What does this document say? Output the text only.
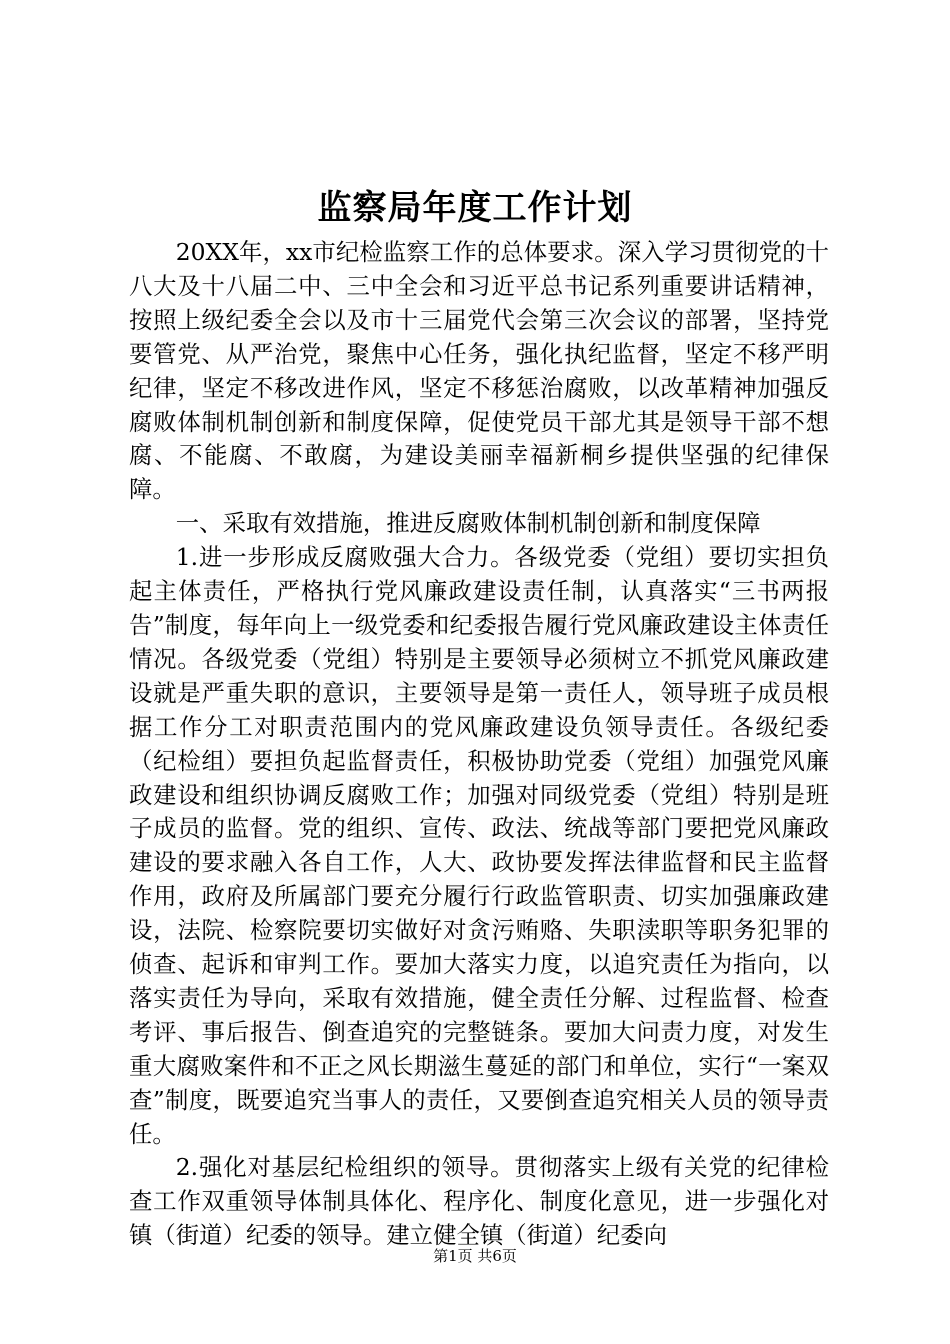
监察局年度工作计划

20XX年，xx市纪检监察工作的总体要求。深入学习贯彻党的十八大及十八届二中、三中全会和习近平总书记系列重要讲话精神，按照上级纪委全会以及市十三届党代会第三次会议的部署，坚持党要管党、从严治党，聚焦中心任务，强化执纪监督，坚定不移严明纪律，坚定不移改进作风，坚定不移惩治腐败，以改革精神加强反腐败体制机制创新和制度保障，促使党员干部尤其是领导干部不想腐、不能腐、不敢腐，为建设美丽幸福新桐乡提供坚强的纪律保障。

一、采取有效措施，推进反腐败体制机制创新和制度保障

1.进一步形成反腐败强大合力。各级党委（党组）要切实担负起主体责任，严格执行党风廉政建设责任制，认真落实“三书两报告”制度，每年向上一级党委和纪委报告履行党风廉政建设主体责任情况。各级党委（党组）特别是主要领导必须树立不抓党风廉政建设就是严重失职的意识，主要领导是第一责任人，领导班子成员根据工作分工对职责范围内的党风廉政建设负领导责任。各级纪委（纪检组）要担负起监督责任，积极协助党委（党组）加强党风廉政建设和组织协调反腐败工作；加强对同级党委（党组）特别是班子成员的监督。党的组织、宣传、政法、统战等部门要把党风廉政建设的要求融入各自工作，人大、政协要发挥法律监督和民主监督作用，政府及所属部门要充分履行行政监管职责、切实加强廉政建设，法院、检察院要切实做好对贪污贿赂、失职渎职等职务犯罪的侦查、起诉和审判工作。要加大落实力度，以追究责任为指向，以落实责任为导向，采取有效措施，健全责任分解、过程监督、检查考评、事后报告、倒查追究的完整链条。要加大问责力度，对发生重大腐败案件和不正之风长期滋生蔓延的部门和单位，实行“一案双查”制度，既要追究当事人的责任，又要倒查追究相关人员的领导责任。

2.强化对基层纪检组织的领导。贯彻落实上级有关党的纪律检查工作双重领导体制具体化、程序化、制度化意见，进一步强化对镇（街道）纪委的领导。建立健全镇（街道）纪委向

第1页 共6页
